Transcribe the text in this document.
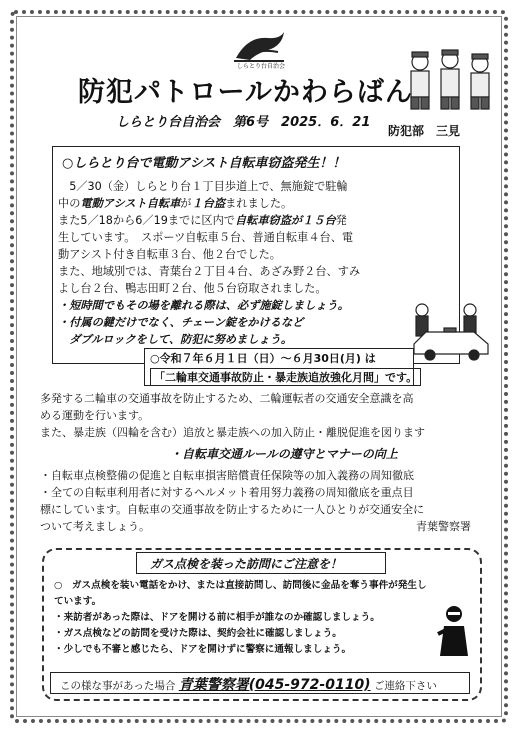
しらとり台自治会
防犯パトロールかわらばん
しらとり台自治会　第6号　2025．6．21
防犯部　三見
○しらとり台で電動アシスト自転車窃盗発生！！
　5／30（金）しらとり台１丁目歩道上で、無施錠で駐輪
中の電動アシスト自転車が１台盗まれました。
また5／18から6／19までに区内で自転車窃盗が１５台発
生しています。　スポーツ自転車５台、普通自転車４台、電
動アシスト付き自転車３台、他２台でした。
また、地域別では、青葉台２丁目４台、あざみ野２台、すみ
よし台２台、鴨志田町２台、他５台窃取されました。
・短時間でもその場を離れる際は、必ず施錠しましょう。
・付属の鍵だけでなく、チェーン錠をかけるなど
　ダブルロックをして、防犯に努めましょう。
○令和７年６月１日（日）～６月30日(月) は
「二輪車交通事故防止・暴走族追放強化月間」です。
多発する二輪車の交通事故を防止するため、二輪運転者の交通安全意識を高
める運動を行います。
また、暴走族（四輪を含む）追放と暴走族への加入防止・離脱促進を図ります
・自転車交通ルールの遵守とマナーの向上
・自転車点検整備の促進と自転車損害賠償責任保険等の加入義務の周知徹底
・全ての自転車利用者に対するヘルメット着用努力義務の周知徹底を重点目
標にしています。自転車の交通事故を防止するために一人ひとりが交通安全に
ついて考えましょう。	青葉警察署
ガス点検を装った訪問にご注意を！
○　ガス点検を装い電話をかけ、または直接訪問し、訪問後に金品を奪う事件が発生し
ています。
・来訪者があった際は、ドアを開ける前に相手が誰なのか確認しましょう。
・ガス点検などの訪問を受けた際は、契約会社に確認しましょう。
・少しでも不審と感じたら、ドアを開けずに警察に通報しましょう。
この様な事があった場合 青葉警察署(045-972-0110) ご連絡下さい
